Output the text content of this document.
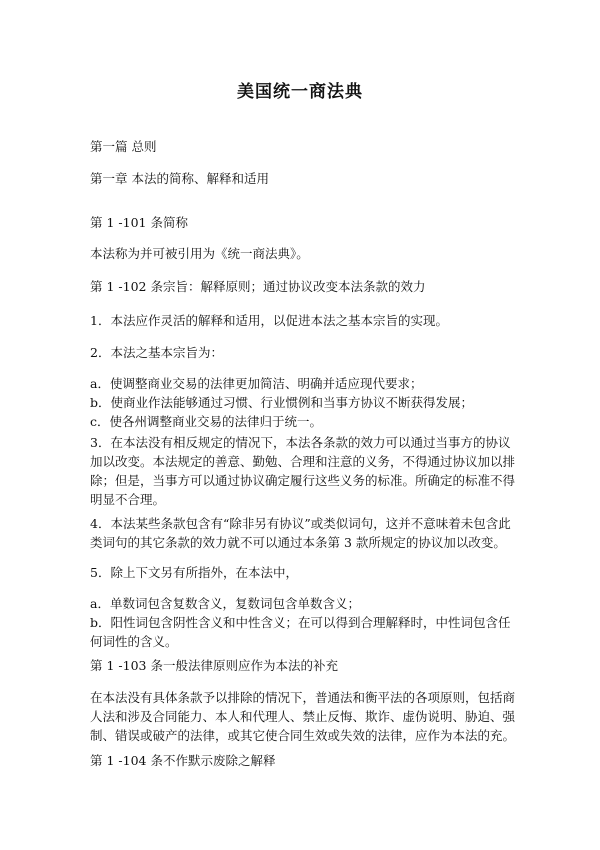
美国统一商法典
第一篇 总则
第一章 本法的简称、解释和适用
第 1 -101 条简称
本法称为并可被引用为《统一商法典》。
第 1 -102 条宗旨：解释原则；通过协议改变本法条款的效力
1．本法应作灵活的解释和适用，以促进本法之基本宗旨的实现。
2．本法之基本宗旨为：
a．使调整商业交易的法律更加简洁、明确并适应现代要求；
b．使商业作法能够通过习惯、行业惯例和当事方协议不断获得发展；
c．使各州调整商业交易的法律归于统一。
3．在本法没有相反规定的情况下，本法各条款的效力可以通过当事方的协议加以改变。本法规定的善意、勤勉、合理和注意的义务，不得通过协议加以排除；但是，当事方可以通过协议确定履行这些义务的标准。所确定的标准不得明显不合理。
4．本法某些条款包含有“除非另有协议”或类似词句，这并不意味着未包含此类词句的其它条款的效力就不可以通过本条第 3 款所规定的协议加以改变。
5．除上下文另有所指外，在本法中，
a．单数词包含复数含义，复数词包含单数含义；
b．阳性词包含阴性含义和中性含义；在可以得到合理解释时，中性词包含任何词性的含义。
第 1 -103 条一般法律原则应作为本法的补充
在本法没有具体条款予以排除的情况下，普通法和衡平法的各项原则，包括商人法和涉及合同能力、本人和代理人、禁止反悔、欺诈、虚伪说明、胁迫、强制、错误或破产的法律，或其它使合同生效或失效的法律，应作为本法的充。
第 1 -104 条不作默示废除之解释
